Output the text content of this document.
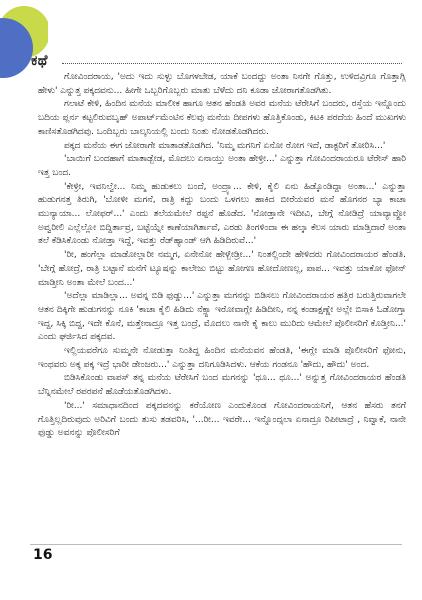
ಕಥೆ

ಗೋವಿಂದರಾಯ, 'ಅದು ಇದು ಸುಳ್ಳು ಬೊಗಳಬೇಡ, ಯಾಕೆ ಬಂದದ್ದು ಅಂತಾ ನಿನಗೇ ಗೊತ್ತು, ಉಳಿದವ್ರಿಗೂ ಗೊತ್ತಾಗ್ಲಿ ಹೇಳು' ಎನ್ನುತ್ತ ಪಕ್ಕದವನು... ಹೀಗೇ ಒಬ್ಬರಿಗೊಬ್ಬರು ಮಾತು ಬೆಳೆದು ದನಿ ಕೂಡಾ ಜೋರಾಗತೊಡಗಿತು.

ಗಲಾಟೆ ಕೇಳಿ, ಹಿಂದಿನ ಮನೆಯ ಮಾಲೀಕ ಹಾಗೂ ಆತನ ಹೆಂಡತಿ ಅವರ ಮನೆಯ ಟೆರೇಸಿಗೆ ಬಂದರು, ರಸ್ತೆಯ ಇನ್ನೊಂದು ಬದಿಯ ಪ್ಲರ್ನ ಕಟ್ಟಲಿರುವಬೃಹ್ ಅಪಾರ್ಟ್‌ಮೆಂಟಿನ ಕೆಲವು ಮನೆಯ ದೀಪಗಳು ಹೊತ್ತಿಕೊಂಡು, ಕಿಟಕಿ ಪರದೆಯ ಹಿಂದೆ ಮುಖಗಳು ಕಾಣಿಸತೊಡಗಿದವು. ಒಂದಿಬ್ಬರು ಬಾಲ್ಕನಿಯಲ್ಲಿ ಬಂದು ನಿಂತು ನೋಡತೊಡಗಿದರು.

ಪಕ್ಕದ ಮನೆಯ ಈಗ ಜೋರಾಗೇ ಮಾತಾಡತೊಡಗಿದ. 'ನಿಮ್ಮ ಮಗನಿಗೆ ಏನೋ ರೋಗ ಇದೆ, ಡಾಕ್ಟರಿಗೆ ತೋರಿಸಿ...'

'ಬಾಯಿಗೆ ಬಂದಹಾಗೆ ಮಾತಾಡ್ಬೇಡ, ಮೊದಲು ಏನಾಯ್ತು ಅಂತಾ ಹೇಳ್ರೀ...' ಎನ್ನುತ್ತಾ ಗೋವಿಂದರಾಯರೂ ಟೆರೇಸ್ ಹಾರಿ ಇತ್ತ ಬಂದ.

'ಕೇಳ್ರೀ, ಇವನಿಲ್ವೇ... ನಿಮ್ಮ ಹುಡುಕಲು ಬಂದೆ, ಅಂದ್ರ್ಯಾ... ಕೇಳಿ, ಕೈಲಿ ಏನು ಹಿಡ್ಕೊಂಡಿದ್ದಾ ಅಂತಾ...' ಎನ್ನುತ್ತಾ ಹುಡುಗನತ್ತ ತಿರುಗಿ, 'ಬೋಳೀ ಮಗನೆ, ರಾತ್ರಿ ಕದ್ದು ಬಂದು ಒಳಗಲು ಹಾಕಿದ ಬೀರೆಯವರ ಮನೆ ಹೊಗನರ ಬ್ಯಾ ಕಾಚಾ ಮುನ್ಯಾಯಾ... ಲೋಫರ್...' ಎಂದು ತಲೆಯಮೇಲೆ ರಪ್ಪನೆ ಹೊಡೆದ. 'ನೋಡ್ತಾನೇ ಇದೀವಿ, ಬೇಗ್ಗೆ ನೋಡಿದ್ರೆ ಯಾವ್ಯಾವ್ದೋ ಅವ್ವರೀಲಿ ಎಲ್ಲೆಲ್ಲೋ ಬಿದ್ದಿರ್ತಾವ್ರ, ಬಟ್ಟೆಯ್ನೇ ಕಾಣೆಯಾಗಿರ್ತಾವೆ, ಎರಡು ತಿಂಗಳಿಂದಾ ಈ ಹಲ್ಕಾ ಕೆಲಸ ಯಾರು ಮಾಡ್ತಿದಾರೆ ಅಂತಾ ತಲೆ ಕೆಡಿಸಿಕೊಂಡು ನೋಡ್ತಾ ಇದ್ದೆ, ಇವತ್ತು ರೆಡ್‌ಹ್ಯಾಂಡ್ ಆಗಿ ಹಿಡಿದಿರುವೆ...'

'ರೀ, ಹಂಗೆಲ್ಲಾ ಮಾಡೋಲ್ಲಾರೀ ನಮ್ಮಗ, ಏನೇನೋ ಹೇಳ್ಬೇಡ್ರೀ...' ನಿಂತಲ್ಲಿಂದೇ ಹೇಳಿದರು ಗೋವಿಂದರಾಯರ ಹೆಂಡತಿ. 'ಬೇಗ್ಗೆ ಹೋದ್ರೆ, ರಾತ್ರಿ ಬಟ್ಟಾನೆ ಮನೆಗೆ ಟ್ಯೂಷನ್ನು ಕಾಲೇಜು ಬಿಟ್ಟು ಹೋಗಣ ಹೋದೋಣಲ್ಲ, ಪಾಪ... ಇವತ್ತು ಯಾಕೋ ಫೋನ್ ಮಾಡ್ತೀನಿ ಅಂತಾ ಮೇಲೆ ಬಂದ...'

'ಅದೆಲ್ಲಾ ಮಾಡಿಲ್ಲಾ... ಅವನ್ನ ಬಿಡಿ ಫುಡ್ಡು...' ಎನ್ನುತ್ತಾ ಮಗನನ್ನು ಬಿಡಿಸಲು ಗೋವಿಂದರಾಯರ ಹತ್ತಿರ ಬರುತ್ತಿರುವಾಗಲೇ ಆತನ ದಿಕ್ಕಿಗೇ ಹುಡುಗನನ್ನು ನೂಕಿ 'ಕಾಚಾ ಕೈಲಿ ಹಿಡಿದು ನೆಕ್ಸ್ಟಾ ಇರೋವಾಗ್ಲೇ ಹಿಡಿದೀನಿ, ನನ್ನ ಕಂಡಾಕ್ಷಣ್ಣೇ ಅಲ್ಲೇ ಬಿಸಾಕಿ ಓಡೋಗ್ತಾ ಇದ್ದ, ಸಿಕ್ಕಿ ಬಿದ್ದ, ಇದೇ ಕೊನೆ, ಮತ್ತೇನಾದ್ರೂ ಇತ್ತ ಬಂದ್ರೆ, ಮೊದಲು ನಾನೇ ಕೈ ಕಾಲು ಮುರಿದು ಆಮೇಲೆ ಪೊಲೀಸರಿಗೆ ಕೊಡ್ತೀನಿ...' ಎಂದು ಘರ್ಜಿಸಿದ ಪಕ್ಕದವ.

ಇಲ್ಲಿಯವರೆಗೂ ಸುಮ್ಮನೇ ನೋಡುತ್ತಾ ನಿಂತಿದ್ದ ಹಿಂದಿನ ಮನೆಯವನ ಹೆಂಡತಿ, 'ಈಗ್ಲೇ ಮಾಡಿ ಪೊಲೀಸರಿಗೆ ಫೋನು, ಇಂಥವರು ಅಕ್ಕ ಪಕ್ಕ ಇದ್ರೆ ಭಾರೀ ಡೇಂಜರು...' ಎನ್ನುತ್ತಾ ದನಿಗೂಡಿಸಿದಳು. ಆಕೆಯ ಗಂಡನೂ 'ಹೌದು, ಹೌದು' ಅಂದ.

ಬಿಡಿಸಿಕೊಂಡು ವಾಪಸ್ ತನ್ನ ಮನೆಯ ಟೆರೇಸಿಗೆ ಬಂದ ಮಗನನ್ನು 'ಥೂ... ಥೂ...' ಅನ್ನುತ್ತ ಗೋವಿಂದರಾಯರ ಹೆಂಡತಿ ಬೆನ್ನಿನಮೇಲೆ ರಪರಪನೆ ಹೊಡೆಯತೊಡಗಿದಳು.

'ರೀ...' ಸಮಾಧಾನದಿಂದ ಪಕ್ಕದವನನ್ನು ಕರೆಯೋಣ ಎಂದುಕೊಂಡ ಗೋವಿಂದರಾಯನಿಗೆ, ಆತನ ಹೆಸರು ತನಗೆ ಗೊತ್ತಿಲ್ಲದಿರುವುದು ಅರಿವಿಗೆ ಬಂದು ತುಸು ತಡವರಿಸಿ, '...ರೀ... ಇವರೇ... ಇನ್ನೊಂದ್ಸಲಾ ಏನಾದ್ರೂ ರಿಪೀಟಾದ್ರೆ , ನಿವ್ವಾಕೆ, ನಾನೇ ಫುಡ್ಡು ಅವನನ್ನು ಪೊಲೀಸರಿಗೆ

16
